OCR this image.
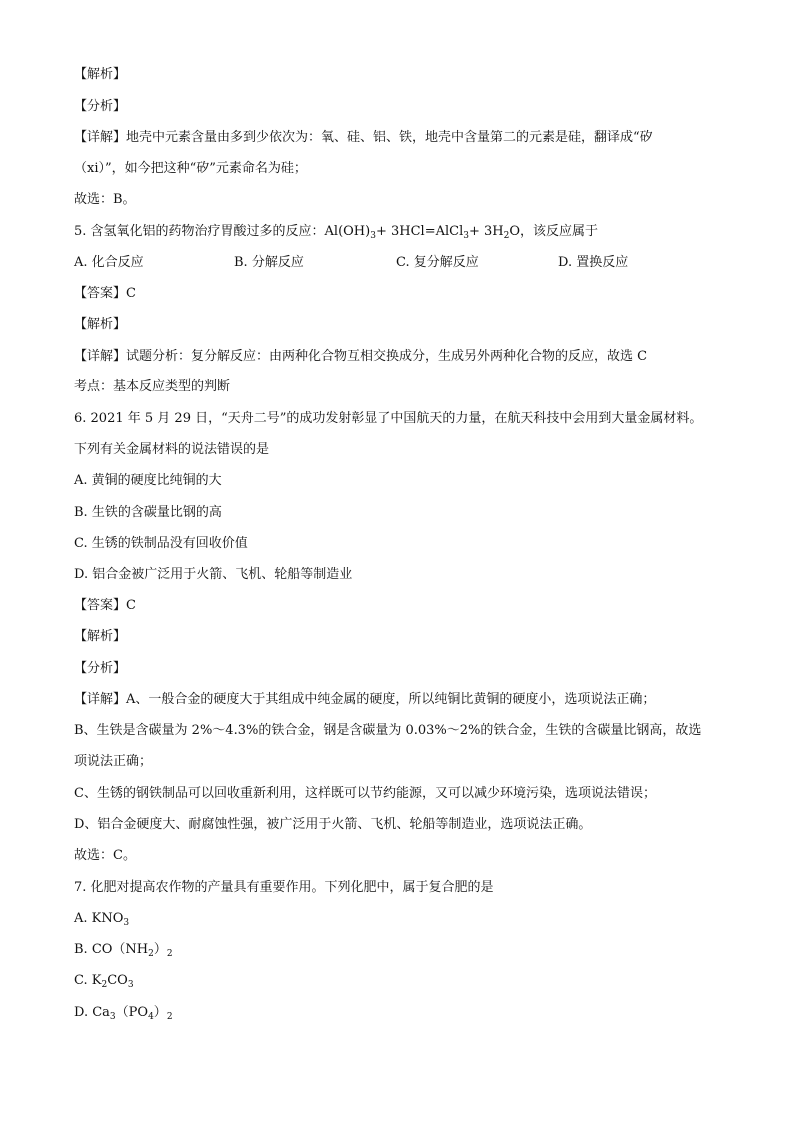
【解析】
【分析】
【详解】地壳中元素含量由多到少依次为：氧、硅、铝、铁，地壳中含量第二的元素是硅，翻译成“矽
（xi）”，如今把这种“矽”元素命名为硅；
故选：B。
5. 含氢氧化铝的药物治疗胃酸过多的反应：$Al(OH)_3+$ 3HCl=AlCl$_3$+ $3H_2O$，该反应属于
A. 化合反应	B. 分解反应	C. 复分解反应	D. 置换反应
【答案】C
【解析】
【详解】试题分析：复分解反应：由两种化合物互相交换成分，生成另外两种化合物的反应，故选 C
考点：基本反应类型的判断
6. 2021 年 5 月 29 日，“天舟二号”的成功发射彰显了中国航天的力量，在航天科技中会用到大量金属材料。
下列有关金属材料的说法错误的是
A. 黄铜的硬度比纯铜的大
B. 生铁的含碳量比钢的高
C. 生锈的铁制品没有回收价值
D. 铝合金被广泛用于火箭、飞机、轮船等制造业
【答案】C
【解析】
【分析】
【详解】A、一般合金的硬度大于其组成中纯金属的硬度，所以纯铜比黄铜的硬度小，选项说法正确；
B、生铁是含碳量为 2%～4.3%的铁合金，钢是含碳量为 0.03%～2%的铁合金，生铁的含碳量比钢高，故选
项说法正确；
C、生锈的钢铁制品可以回收重新利用，这样既可以节约能源，又可以减少环境污染，选项说法错误；
D、铝合金硬度大、耐腐蚀性强，被广泛用于火箭、飞机、轮船等制造业，选项说法正确。
故选：C。
7. 化肥对提高农作物的产量具有重要作用。下列化肥中，属于复合肥的是
A. $KNO_3$
B. $CO(NH_2)_2$
C. $K_2CO_3$
D. $Ca_3(PO_4)_2$
